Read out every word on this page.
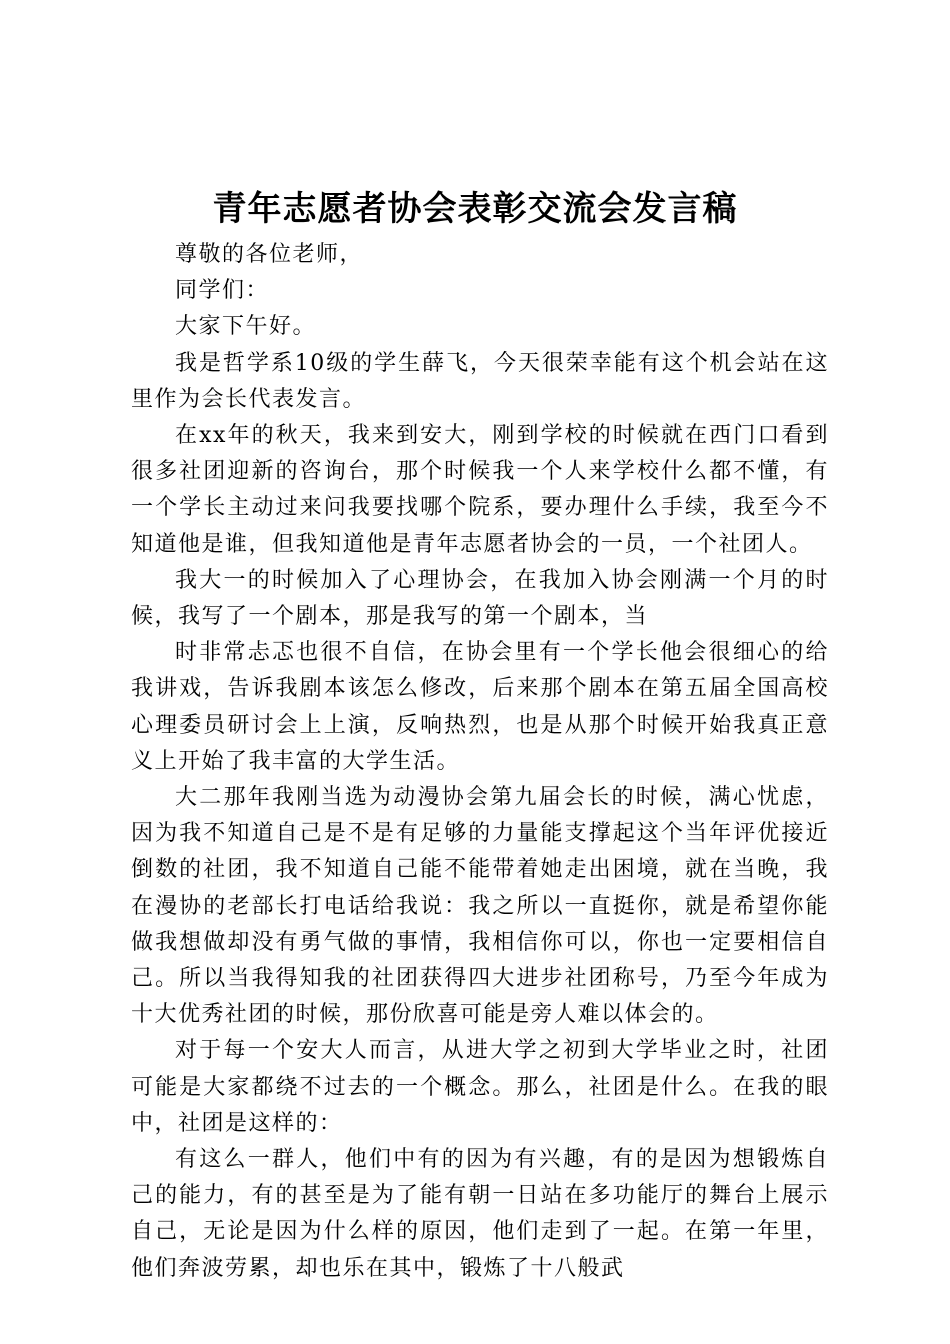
青年志愿者协会表彰交流会发言稿

尊敬的各位老师，

同学们：

大家下午好。

我是哲学系10级的学生薛飞，今天很荣幸能有这个机会站在这里作为会长代表发言。

在xx年的秋天，我来到安大，刚到学校的时候就在西门口看到很多社团迎新的咨询台，那个时候我一个人来学校什么都不懂，有一个学长主动过来问我要找哪个院系，要办理什么手续，我至今不知道他是谁，但我知道他是青年志愿者协会的一员，一个社团人。

我大一的时候加入了心理协会，在我加入协会刚满一个月的时候，我写了一个剧本，那是我写的第一个剧本，当

时非常忐忑也很不自信，在协会里有一个学长他会很细心的给我讲戏，告诉我剧本该怎么修改，后来那个剧本在第五届全国高校心理委员研讨会上上演，反响热烈，也是从那个时候开始我真正意义上开始了我丰富的大学生活。

大二那年我刚当选为动漫协会第九届会长的时候，满心忧虑，因为我不知道自己是不是有足够的力量能支撑起这个当年评优接近倒数的社团，我不知道自己能不能带着她走出困境，就在当晚，我在漫协的老部长打电话给我说：我之所以一直挺你，就是希望你能做我想做却没有勇气做的事情，我相信你可以，你也一定要相信自己。所以当我得知我的社团获得四大进步社团称号，乃至今年成为十大优秀社团的时候，那份欣喜可能是旁人难以体会的。

对于每一个安大人而言，从进大学之初到大学毕业之时，社团可能是大家都绕不过去的一个概念。那么，社团是什么。在我的眼中，社团是这样的：

有这么一群人，他们中有的因为有兴趣，有的是因为想锻炼自己的能力，有的甚至是为了能有朝一日站在多功能厅的舞台上展示自己，无论是因为什么样的原因，他们走到了一起。在第一年里，他们奔波劳累，却也乐在其中，锻炼了十八般武
